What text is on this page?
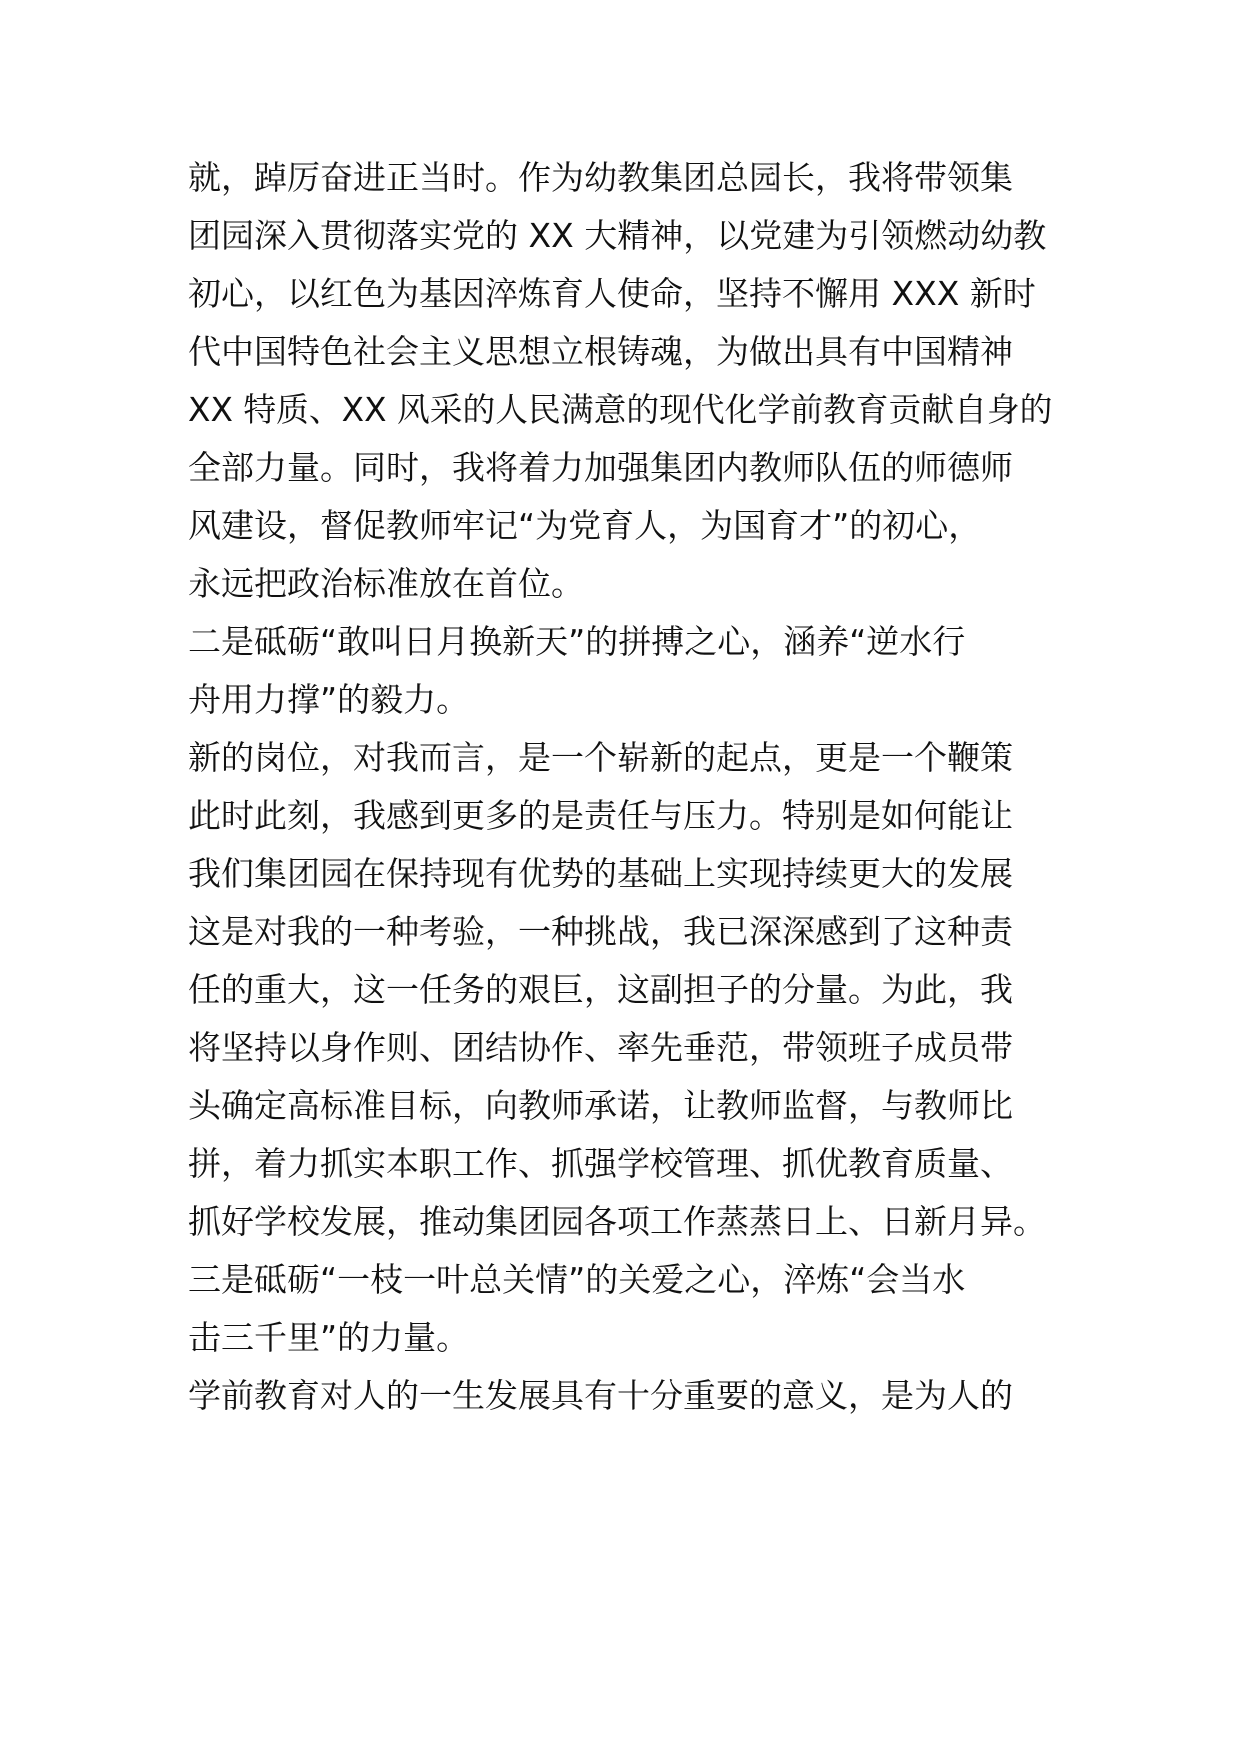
就，踔厉奋进正当时。作为幼教集团总园长，我将带领集
团园深入贯彻落实党的 XX 大精神，以党建为引领燃动幼教
初心，以红色为基因淬炼育人使命，坚持不懈用 XXX 新时
代中国特色社会主义思想立根铸魂，为做出具有中国精神
XX 特质、XX 风采的人民满意的现代化学前教育贡献自身的
全部力量。同时，我将着力加强集团内教师队伍的师德师
风建设，督促教师牢记“为党育人，为国育才”的初心，
永远把政治标准放在首位。
二是砥砺“敢叫日月换新天”的拼搏之心，涵养“逆水行
舟用力撑”的毅力。
新的岗位，对我而言，是一个崭新的起点，更是一个鞭策
此时此刻，我感到更多的是责任与压力。特别是如何能让
我们集团园在保持现有优势的基础上实现持续更大的发展
这是对我的一种考验，一种挑战，我已深深感到了这种责
任的重大，这一任务的艰巨，这副担子的分量。为此，我
将坚持以身作则、团结协作、率先垂范，带领班子成员带
头确定高标准目标，向教师承诺，让教师监督，与教师比
拼，着力抓实本职工作、抓强学校管理、抓优教育质量、
抓好学校发展，推动集团园各项工作蒸蒸日上、日新月异。
三是砥砺“一枝一叶总关情”的关爱之心，淬炼“会当水
击三千里”的力量。
学前教育对人的一生发展具有十分重要的意义，是为人的
